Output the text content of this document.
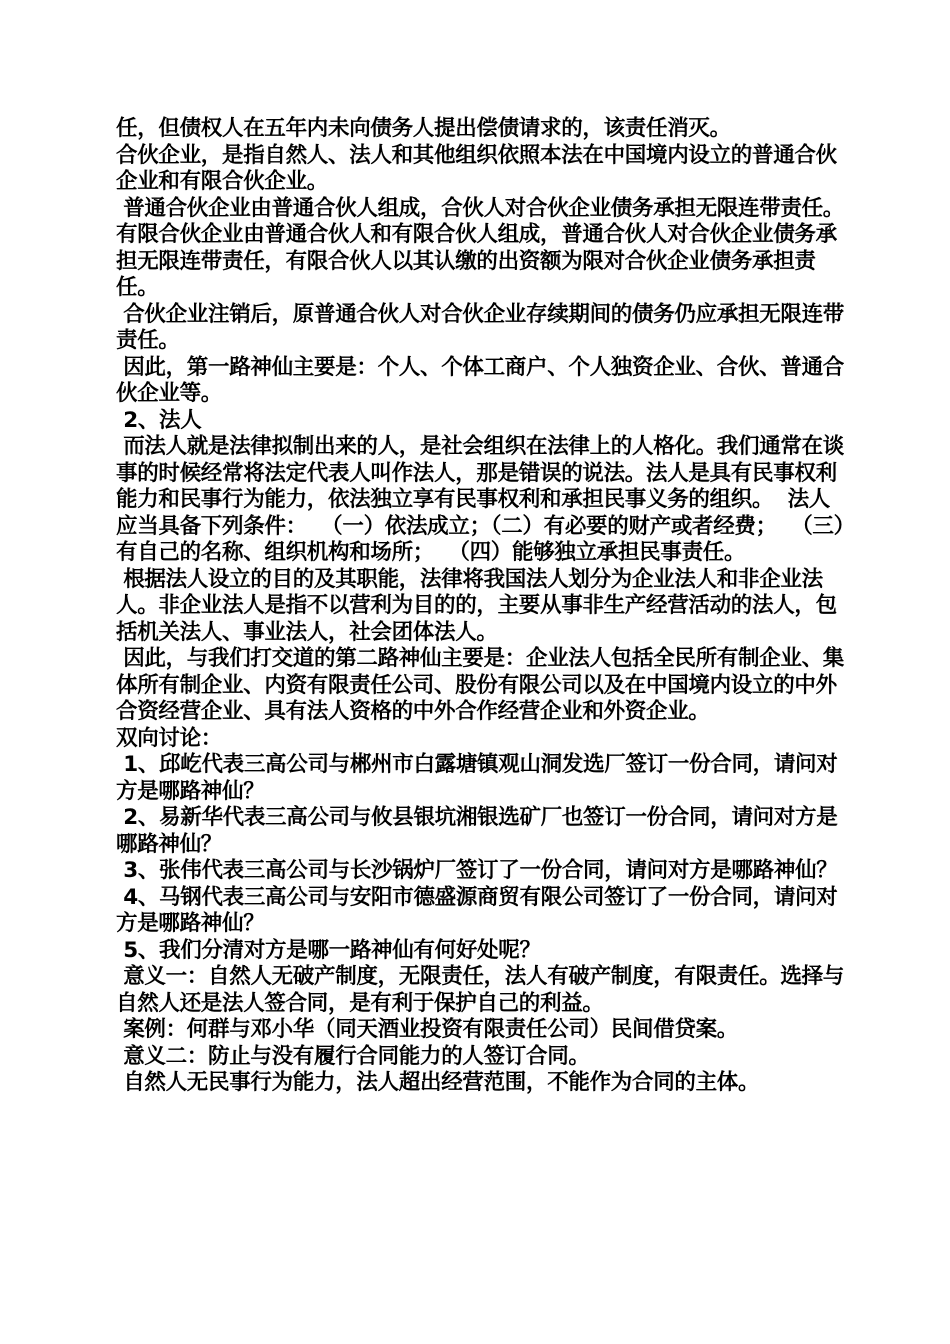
任，但债权人在五年内未向债务人提出偿债请求的，该责任消灭。

合伙企业，是指自然人、法人和其他组织依照本法在中国境内设立的普通合伙企业和有限合伙企业。

普通合伙企业由普通合伙人组成，合伙人对合伙企业债务承担无限连带责任。有限合伙企业由普通合伙人和有限合伙人组成，普通合伙人对合伙企业债务承担无限连带责任，有限合伙人以其认缴的出资额为限对合伙企业债务承担责任。

合伙企业注销后，原普通合伙人对合伙企业存续期间的债务仍应承担无限连带责任。

因此，第一路神仙主要是：个人、个体工商户、个人独资企业、合伙、普通合伙企业等。

2、法人

而法人就是法律拟制出来的人，是社会组织在法律上的人格化。我们通常在谈事的时候经常将法定代表人叫作法人，那是错误的说法。法人是具有民事权利能力和民事行为能力，依法独立享有民事权利和承担民事义务的组织。  法人应当具备下列条件：  （一）依法成立；（二）有必要的财产或者经费；  （三）有自己的名称、组织机构和场所；  （四）能够独立承担民事责任。

根据法人设立的目的及其职能，法律将我国法人划分为企业法人和非企业法人。非企业法人是指不以营利为目的的，主要从事非生产经营活动的法人，包括机关法人、事业法人，社会团体法人。

因此，与我们打交道的第二路神仙主要是：企业法人包括全民所有制企业、集体所有制企业、内资有限责任公司、股份有限公司以及在中国境内设立的中外合资经营企业、具有法人资格的中外合作经营企业和外资企业。

双向讨论：

1、邱屹代表三高公司与郴州市白露塘镇观山洞发选厂签订一份合同，请问对方是哪路神仙？

2、易新华代表三高公司与攸县银坑湘银选矿厂也签订一份合同，请问对方是哪路神仙？

3、张伟代表三高公司与长沙锅炉厂签订了一份合同，请问对方是哪路神仙？

4、马钢代表三高公司与安阳市德盛源商贸有限公司签订了一份合同，请问对方是哪路神仙？

5、我们分清对方是哪一路神仙有何好处呢？

意义一：自然人无破产制度，无限责任，法人有破产制度，有限责任。选择与自然人还是法人签合同，是有利于保护自己的利益。

案例：何群与邓小华（同天酒业投资有限责任公司）民间借贷案。

意义二：防止与没有履行合同能力的人签订合同。

自然人无民事行为能力，法人超出经营范围，不能作为合同的主体。
